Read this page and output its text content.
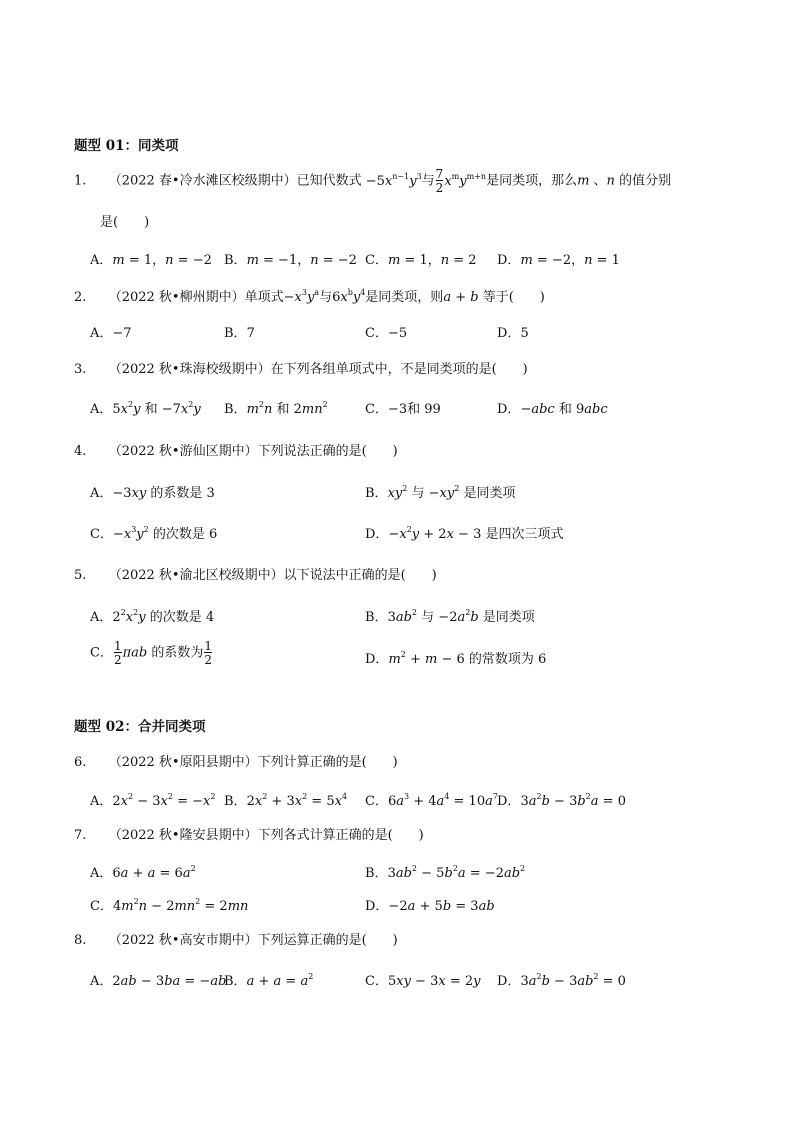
题型 01：同类项
1. （2022 春•冷水滩区校级期中）已知代数式 $-5x^{n-1}y^3$与 $\frac{7}{2} x^my^{m+n}$是同类项，那么m 、n 的值分别
是(　　)
A．m = 1，n = −2 B．m = −1，n = −2 C．m = 1，n = 2 D．m = −2，n = 1
2. （2022 秋•柳州期中）单项式$-x^3y^a$与$6x^by^4$是同类项，则a + b 等于(　　)
A．−7	B．7	C．−5	D．5
3. （2022 秋•珠海校级期中）在下列各组单项式中，不是同类项的是(　　)
A．$5x^2y$ 和 $-7x^2y$ B．$m^2n$ 和 $2mn^2$	C．−3和 99	D．−abc 和 9abc
4. （2022 秋•游仙区期中）下列说法正确的是(　　)
A．−3xy 的系数是 3	B．$xy^2$ 与 $-xy^2$ 是同类项
C．$-x^3y^2$ 的次数是 6	D．$-x^2y + 2x - 3$ 是四次三项式
5. （2022 秋•渝北区校级期中）以下说法中正确的是(　　)
A．$2^2x^2y$ 的次数是 4	B．$3ab^2$ 与 $-2a^2b$ 是同类项
C． $\frac{1}{2}$ πab 的系数为 $\frac{1}{2}$	D．$m^2 + m - 6$ 的常数项为 6
题型 02：合并同类项
6. （2022 秋•原阳县期中）下列计算正确的是(　　)
A．$2x^2 - 3x^2 = -x^2$ B．$2x^2 + 3x^2 = 5x^4$ C．$6a^3 + 4a^4 = 10a^7$ D．$3a^2b - 3b^2a = 0$
7. （2022 秋•隆安县期中）下列各式计算正确的是(　　)
A．$6a + a = 6a^2$	B．$3ab^2 - 5b^2a = -2ab^2$
C．$4m^2n - 2mn^2 = 2mn$	D．−2a + 5b = 3ab
8. （2022 秋•高安市期中）下列运算正确的是(　　)
A．2ab − 3ba = −ab
B．$a + a = a^2$	C．5xy − 3x = 2y D．$3a^2b - 3ab^2 = 0$
